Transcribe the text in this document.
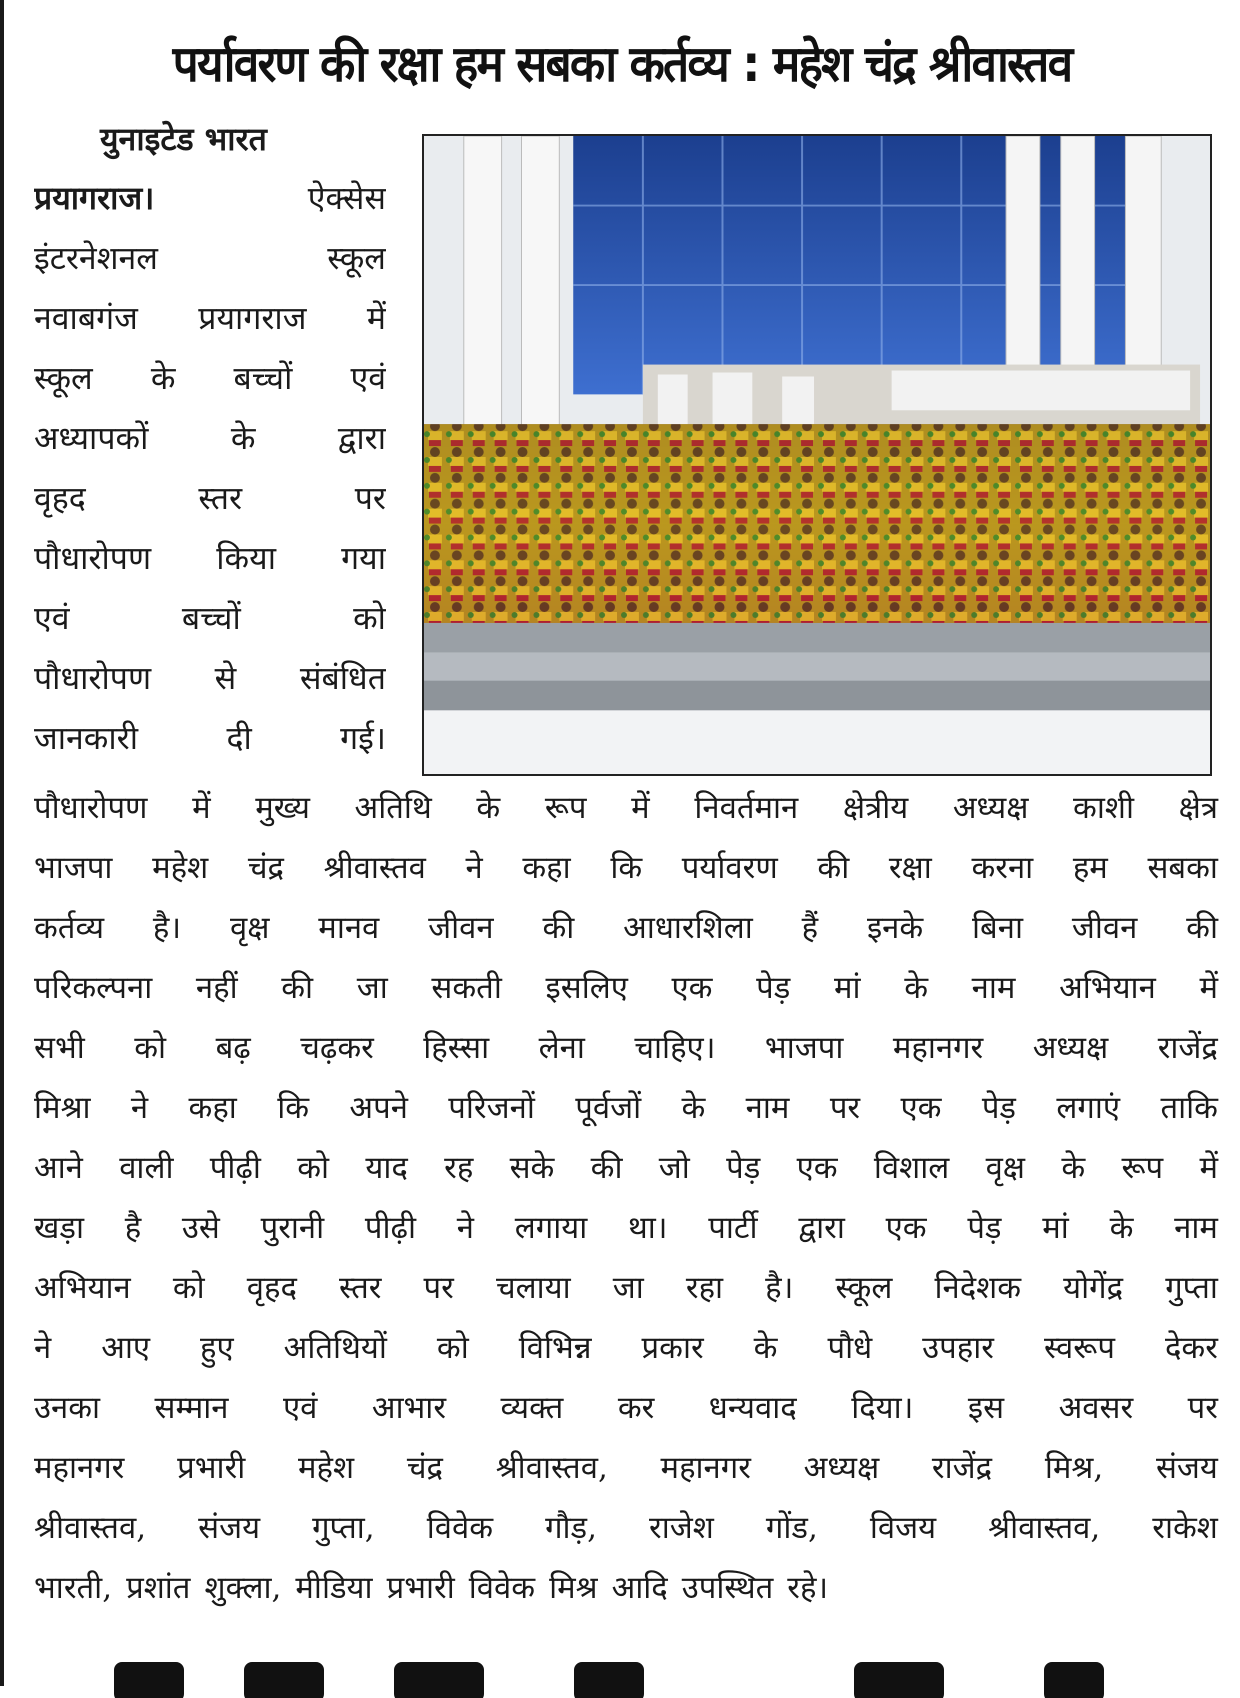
पर्यावरण की रक्षा हम सबका कर्तव्य : महेश चंद्र श्रीवास्तव
युनाइटेड भारत
प्रयागराज।	ऐक्सेस
इंटरनेशनल	स्कूल
नवाबगंज प्रयागराज में
स्कूल के बच्चों एवं
अध्यापकों	के	द्वारा
वृहद	स्तर	पर
पौधारोपण किया गया
एवं	बच्चों	को
पौधारोपण से संबंधित
जानकारी	दी	गई।
पौधारोपण में मुख्य अतिथि के रूप में निवर्तमान क्षेत्रीय अध्यक्ष काशी क्षेत्र
भाजपा महेश चंद्र श्रीवास्तव ने कहा कि पर्यावरण की रक्षा करना हम सबका
कर्तव्य है। वृक्ष मानव जीवन की आधारशिला हैं इनके बिना जीवन की
परिकल्पना नहीं की जा सकती इसलिए एक पेड़ मां के नाम अभियान में
सभी को बढ़ चढ़कर हिस्सा लेना चाहिए। भाजपा महानगर अध्यक्ष राजेंद्र
मिश्रा ने कहा कि अपने परिजनों पूर्वजों के नाम पर एक पेड़ लगाएं ताकि
आने वाली पीढ़ी को याद रह सके की जो पेड़ एक विशाल वृक्ष के रूप में
खड़ा है उसे पुरानी पीढ़ी ने लगाया था। पार्टी द्वारा एक पेड़ मां के नाम
अभियान को वृहद स्तर पर चलाया जा रहा है। स्कूल निदेशक योगेंद्र गुप्ता
ने आए हुए अतिथियों को विभिन्न प्रकार के पौधे उपहार स्वरूप देकर
उनका सम्मान एवं आभार व्यक्त कर धन्यवाद दिया। इस अवसर पर
महानगर प्रभारी महेश चंद्र श्रीवास्तव, महानगर अध्यक्ष राजेंद्र मिश्र, संजय
श्रीवास्तव, संजय गुप्ता, विवेक गौड़, राजेश गोंड, विजय श्रीवास्तव, राकेश
भारती, प्रशांत शुक्ला, मीडिया प्रभारी विवेक मिश्र आदि उपस्थित रहे।
